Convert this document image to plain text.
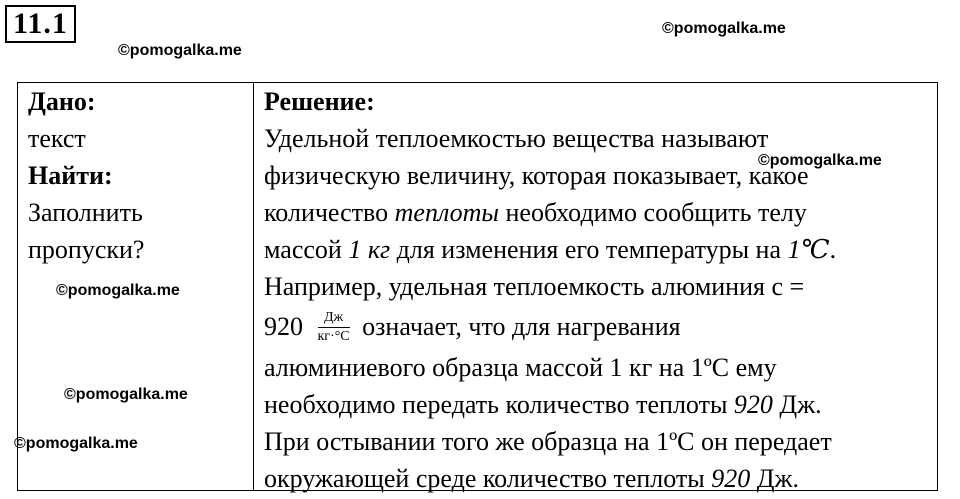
11.1
Дано:
текст
Найти:
Заполнить
пропуски?
Решение:
Удельной теплоемкостью вещества называют
физическую величину, которая показывает, какое
количество теплоты необходимо сообщить телу
массой 1 кг для изменения его температуры на 1℃.
Например, удельная теплоемкость алюминия с =
$920 \frac{Дж}{кг\cdot^\circ С}$ означает, что для нагревания
алюминиевого образца массой 1 кг на 1ºС ему
необходимо передать количество теплоты 920 Дж.
При остывании того же образца на 1ºС он передает
окружающей среде количество теплоты 920 Дж.
©pomogalka.me
©pomogalka.me
©pomogalka.me
©pomogalka.me
©pomogalka.me
©pomogalka.me
